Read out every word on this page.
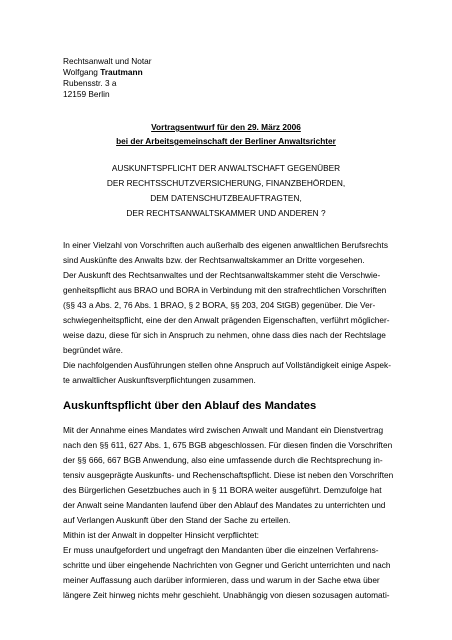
Rechtsanwalt und Notar
Wolfgang Trautmann
Rubensstr. 3 a
12159 Berlin
Vortragsentwurf für den 29. März 2006
bei der Arbeitsgemeinschaft der Berliner Anwaltsrichter
AUSKUNFTSPFLICHT DER ANWALTSCHAFT GEGENÜBER
DER RECHTSSCHUTZVERSICHERUNG, FINANZBEHÖRDEN,
DEM DATENSCHUTZBEAUFTRAGTEN,
DER RECHTSANWALTSKAMMER UND ANDEREN ?
In einer Vielzahl von Vorschriften auch außerhalb des eigenen anwaltlichen Berufsrechts
sind Auskünfte des Anwalts bzw. der Rechtsanwaltskammer an Dritte vorgesehen.
Der Auskunft des Rechtsanwaltes und der Rechtsanwaltskammer steht die Verschwie-
genheitspflicht aus BRAO und BORA in Verbindung mit den strafrechtlichen Vorschriften
(§§ 43 a Abs. 2, 76 Abs. 1 BRAO, § 2 BORA, §§ 203, 204 StGB) gegenüber. Die Ver-
schwiegenheitspflicht, eine der den Anwalt prägenden Eigenschaften, verführt möglicher-
weise dazu, diese für sich in Anspruch zu nehmen, ohne dass dies nach der Rechtslage
begründet wäre.
Die nachfolgenden Ausführungen stellen ohne Anspruch auf Vollständigkeit einige Aspek-
te anwaltlicher Auskunftsverpflichtungen zusammen.
Auskunftspflicht über den Ablauf des Mandates
Mit der Annahme eines Mandates wird zwischen Anwalt und Mandant ein Dienstvertrag
nach den §§ 611, 627 Abs. 1, 675 BGB abgeschlossen. Für diesen finden die Vorschriften
der §§ 666, 667 BGB Anwendung, also eine umfassende durch die Rechtsprechung in-
tensiv ausgeprägte Auskunfts- und Rechenschaftspflicht. Diese ist neben den Vorschriften
des Bürgerlichen Gesetzbuches auch in § 11 BORA weiter ausgeführt. Demzufolge hat
der Anwalt seine Mandanten laufend über den Ablauf des Mandates zu unterrichten und
auf Verlangen Auskunft über den Stand der Sache zu erteilen.
Mithin ist der Anwalt in doppelter Hinsicht verpflichtet:
Er muss unaufgefordert und ungefragt den Mandanten über die einzelnen Verfahrens-
schritte und über eingehende Nachrichten von Gegner und Gericht unterrichten und nach
meiner Auffassung auch darüber informieren, dass und warum in der Sache etwa über
längere Zeit hinweg nichts mehr geschieht. Unabhängig von diesen sozusagen automati-
